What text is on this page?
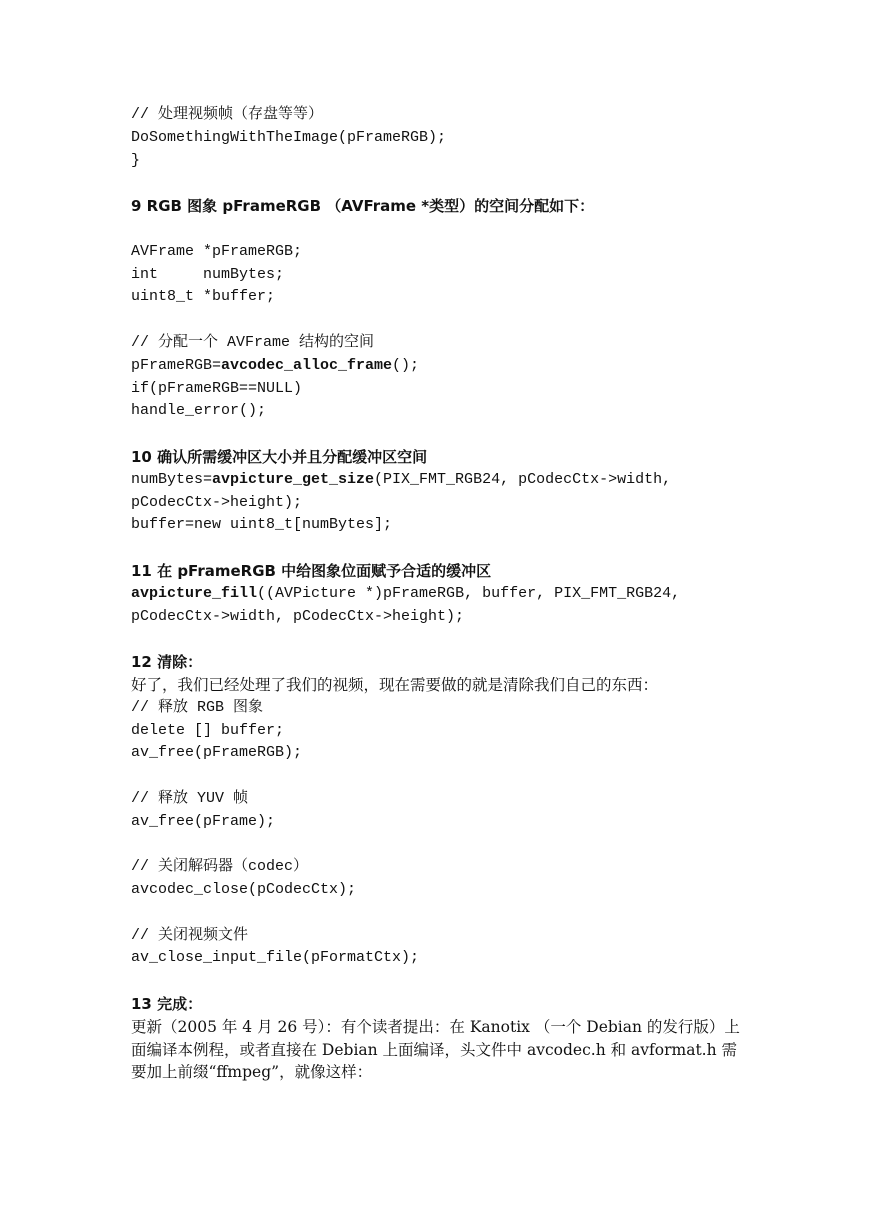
// 处理视频帧（存盘等等）
DoSomethingWithTheImage(pFrameRGB);
}
9 RGB 图象 pFrameRGB （AVFrame *类型）的空间分配如下：
AVFrame *pFrameRGB;
int     numBytes;
uint8_t *buffer;
// 分配一个 AVFrame 结构的空间
pFrameRGB=avcodec_alloc_frame();
if(pFrameRGB==NULL)
handle_error();
10 确认所需缓冲区大小并且分配缓冲区空间
numBytes=avpicture_get_size(PIX_FMT_RGB24, pCodecCtx->width,
pCodecCtx->height);
buffer=new uint8_t[numBytes];
11 在 pFrameRGB 中给图象位面赋予合适的缓冲区
avpicture_fill((AVPicture *)pFrameRGB, buffer, PIX_FMT_RGB24,
pCodecCtx->width, pCodecCtx->height);
12 清除：
好了，我们已经处理了我们的视频，现在需要做的就是清除我们自己的东西：
// 释放 RGB 图象
delete [] buffer;
av_free(pFrameRGB);
// 释放 YUV 帧
av_free(pFrame);
// 关闭解码器（codec）
avcodec_close(pCodecCtx);
// 关闭视频文件
av_close_input_file(pFormatCtx);
13 完成：
更新（2005 年 4 月 26 号）：有个读者提出：在 Kanotix （一个 Debian 的发行版）上面编译本例程，或者直接在 Debian 上面编译，头文件中 avcodec.h 和 avformat.h 需要加上前缀“ffmpeg”，就像这样：
